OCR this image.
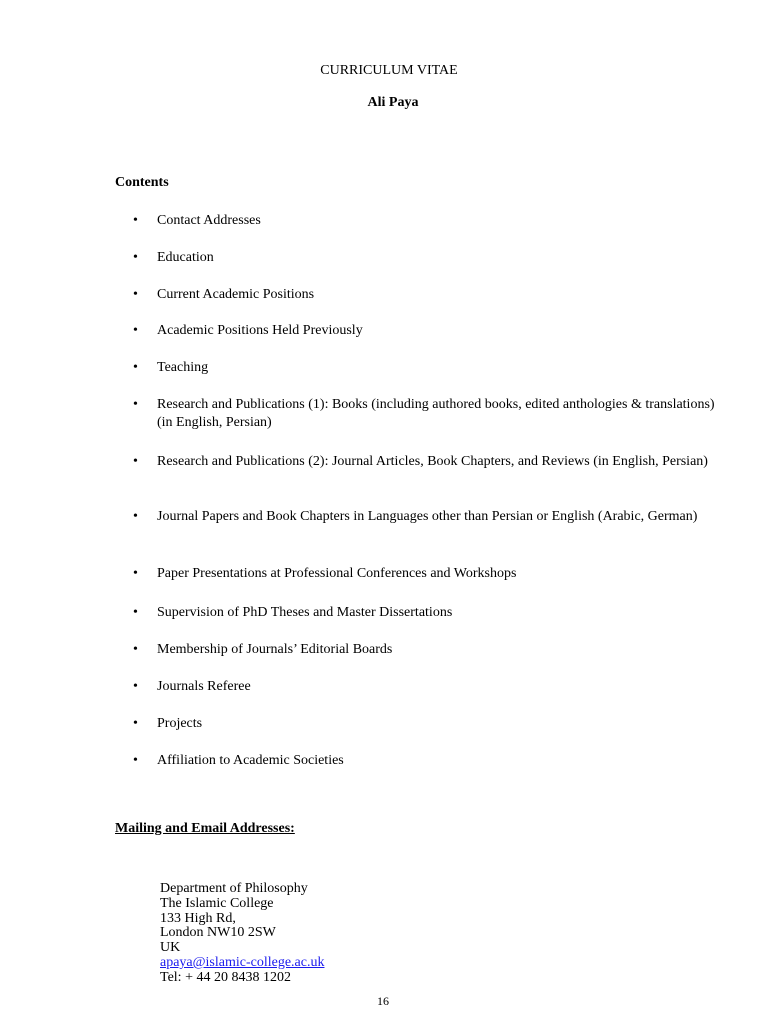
CURRICULUM VITAE
Ali Paya
Contents
• Contact Addresses
• Education
• Current Academic Positions
• Academic Positions Held Previously
• Teaching
• Research and Publications (1): Books (including authored books, edited anthologies & translations) (in English, Persian)
• Research and Publications (2): Journal Articles, Book Chapters, and Reviews (in English, Persian)
• Journal Papers and Book Chapters in Languages other than Persian or English (Arabic, German)
• Paper Presentations at Professional Conferences and Workshops
• Supervision of PhD Theses and Master Dissertations
• Membership of Journals’ Editorial Boards
• Journals Referee
• Projects
• Affiliation to Academic Societies
Mailing and Email Addresses:
Department of Philosophy
The Islamic College
133 High Rd,
London NW10 2SW
UK
apaya@islamic-college.ac.uk
Tel: + 44 20 8438 1202
16
